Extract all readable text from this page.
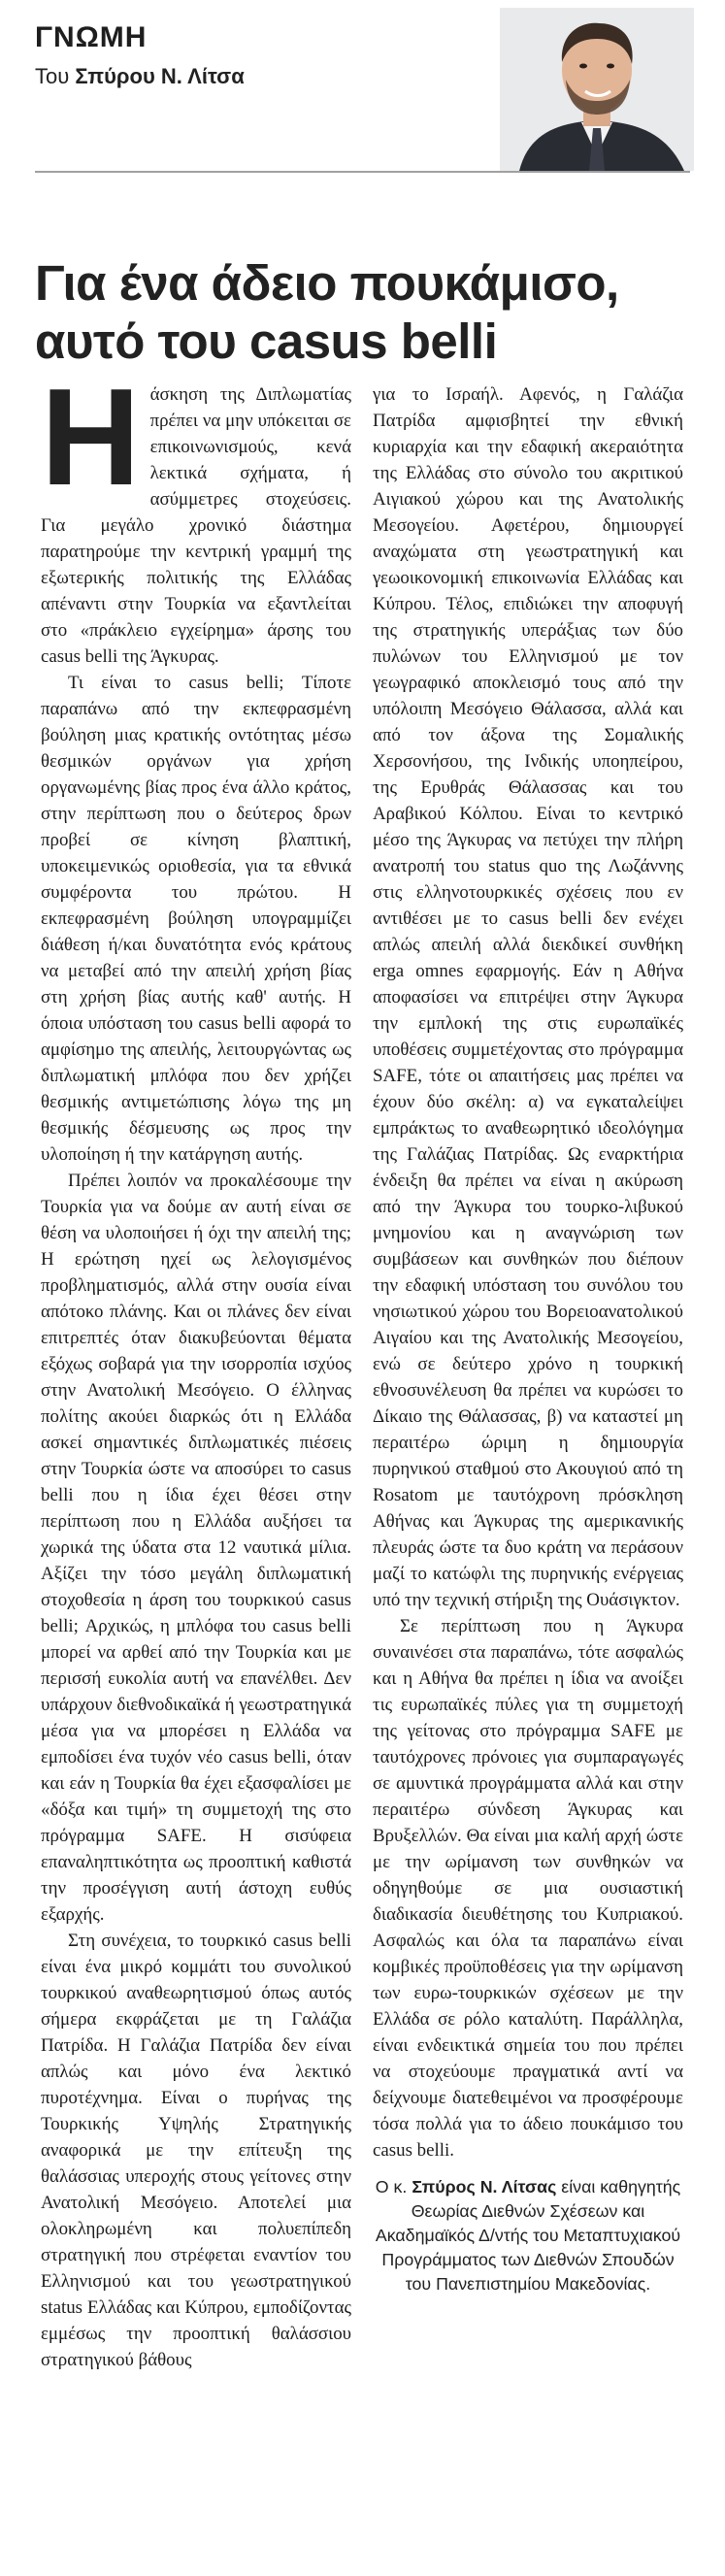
ΓΝΩΜΗ
Του Σπύρου Ν. Λίτσα
Για ένα άδειο πουκάμισο, αυτό του casus belli
Η άσκηση της Διπλωματίας πρέπει να μην υπόκειται σε επικοινωνισμούς, κενά λεκτικά σχήματα, ή ασύμμετρες στοχεύσεις. Για μεγάλο χρονικό διάστημα παρατηρούμε την κεντρική γραμμή της εξωτερικής πολιτικής της Ελλάδας απέναντι στην Τουρκία να εξαντλείται στο «πράκλειο εγχείρημα» άρσης του casus belli της Άγκυρας.

Τι είναι το casus belli; Τίποτε παραπάνω από την εκπεφρασμένη βούληση μιας κρατικής οντότητας μέσω θεσμικών οργάνων για χρήση οργανωμένης βίας προς ένα άλλο κράτος, στην περίπτωση που ο δεύτερος δρων προβεί σε κίνηση βλαπτική, υποκειμενικώς οριοθεσία, για τα εθνικά συμφέροντα του πρώτου. Η εκπεφρασμένη βούληση υπογραμμίζει διάθεση ή/και δυνατότητα ενός κράτους να μεταβεί από την απειλή χρήση βίας στη χρήση βίας αυτής καθ' αυτής. Η όποια υπόσταση του casus belli αφορά το αμφίσημο της απειλής, λειτουργώντας ως διπλωματική μπλόφα που δεν χρήζει θεσμικής αντιμετώπισης λόγω της μη θεσμικής δέσμευσης ως προς την υλοποίηση ή την κατάργηση αυτής.

Πρέπει λοιπόν να προκαλέσουμε την Τουρκία για να δούμε αν αυτή είναι σε θέση να υλοποιήσει ή όχι την απειλή της; Η ερώτηση ηχεί ως λελογισμένος προβληματισμός, αλλά στην ουσία είναι απότοκο πλάνης. Και οι πλάνες δεν είναι επιτρεπτές όταν διακυβεύονται θέματα εξόχως σοβαρά για την ισορροπία ισχύος στην Ανατολική Μεσόγειο. Ο έλληνας πολίτης ακούει διαρκώς ότι η Ελλάδα ασκεί σημαντικές διπλωματικές πιέσεις στην Τουρκία ώστε να αποσύρει το casus belli που η ίδια έχει θέσει στην περίπτωση που η Ελλάδα αυξήσει τα χωρικά της ύδατα στα 12 ναυτικά μίλια. Αξίζει την τόσο μεγάλη διπλωματική στοχοθεσία η άρση του τουρκικού casus belli; Αρχικώς, η μπλόφα του casus belli μπορεί να αρθεί από την Τουρκία και με περισσή ευκολία αυτή να επανέλθει. Δεν υπάρχουν διεθνοδικαϊκά ή γεωστρατηγικά μέσα για να μπορέσει η Ελλάδα να εμποδίσει ένα τυχόν νέο casus belli, όταν και εάν η Τουρκία θα έχει εξασφαλίσει με «δόξα και τιμή» τη συμμετοχή της στο πρόγραμμα SAFE. Η σισύφεια επαναληπτικότητα ως προοπτική καθιστά την προσέγγιση αυτή άστοχη ευθύς εξαρχής.

Στη συνέχεια, το τουρκικό casus belli είναι ένα μικρό κομμάτι του συνολικού τουρκικού αναθεωρητισμού όπως αυτός σήμερα εκφράζεται με τη Γαλάζια Πατρίδα. Η Γαλάζια Πατρίδα δεν είναι απλώς και μόνο ένα λεκτικό πυροτέχνημα. Είναι ο πυρήνας της Τουρκικής Υψηλής Στρατηγικής αναφορικά με την επίτευξη της θαλάσσιας υπεροχής στους γείτονες στην Ανατολική Μεσόγειο. Αποτελεί μια ολοκληρωμένη και πολυεπίπεδη στρατηγική που στρέφεται εναντίον του Ελληνισμού και του γεωστρατηγικού status Ελλάδας και Κύπρου, εμποδίζοντας εμμέσως την προοπτική θαλάσσιου στρατηγικού βάθους

για το Ισραήλ. Αφενός, η Γαλάζια Πατρίδα αμφισβητεί την εθνική κυριαρχία και την εδαφική ακεραιότητα της Ελλάδας στο σύνολο του ακριτικού Αιγιακού χώρου και της Ανατολικής Μεσογείου. Αφετέρου, δημιουργεί αναχώματα στη γεωστρατηγική και γεωοικονομική επικοινωνία Ελλάδας και Κύπρου. Τέλος, επιδιώκει την αποφυγή της στρατηγικής υπεράξιας των δύο πυλώνων του Ελληνισμού με τον γεωγραφικό αποκλεισμό τους από την υπόλοιπη Μεσόγειο Θάλασσα, αλλά και από τον άξονα της Σομαλικής Χερσονήσου, της Ινδικής υποηπείρου, της Ερυθράς Θάλασσας και του Αραβικού Κόλπου. Είναι το κεντρικό μέσο της Άγκυρας να πετύχει την πλήρη ανατροπή του status quo της Λωζάννης στις ελληνοτουρκικές σχέσεις που εν αντιθέσει με το casus belli δεν ενέχει απλώς απειλή αλλά διεκδικεί συνθήκη erga omnes εφαρμογής. Εάν η Αθήνα αποφασίσει να επιτρέψει στην Άγκυρα την εμπλοκή της στις ευρωπαϊκές υποθέσεις συμμετέχοντας στο πρόγραμμα SAFE, τότε οι απαιτήσεις μας πρέπει να έχουν δύο σκέλη: α) να εγκαταλείψει εμπράκτως το αναθεωρητικό ιδεολόγημα της Γαλάζιας Πατρίδας. Ως εναρκτήρια ένδειξη θα πρέπει να είναι η ακύρωση από την Άγκυρα του τουρκο-λιβυκού μνημονίου και η αναγνώριση των συμβάσεων και συνθηκών που διέπουν την εδαφική υπόσταση του συνόλου του νησιωτικού χώρου του Βορειοανατολικού Αιγαίου και της Ανατολικής Μεσογείου, ενώ σε δεύτερο χρόνο η τουρκική εθνοσυνέλευση θα πρέπει να κυρώσει το Δίκαιο της Θάλασσας, β) να καταστεί μη περαιτέρω ώριμη η δημιουργία πυρηνικού σταθμού στο Ακουγιού από τη Rosatom με ταυτόχρονη πρόσκληση Αθήνας και Άγκυρας της αμερικανικής πλευράς ώστε τα δυο κράτη να περάσουν μαζί το κατώφλι της πυρηνικής ενέργειας υπό την τεχνική στήριξη της Ουάσιγκτον.

Σε περίπτωση που η Άγκυρα συναινέσει στα παραπάνω, τότε ασφαλώς και η Αθήνα θα πρέπει η ίδια να ανοίξει τις ευρωπαϊκές πύλες για τη συμμετοχή της γείτονας στο πρόγραμμα SAFE με ταυτόχρονες πρόνοιες για συμπαραγωγές σε αμυντικά προγράμματα αλλά και στην περαιτέρω σύνδεση Άγκυρας και Βρυξελλών. Θα είναι μια καλή αρχή ώστε με την ωρίμανση των συνθηκών να οδηγηθούμε σε μια ουσιαστική διαδικασία διευθέτησης του Κυπριακού. Ασφαλώς και όλα τα παραπάνω είναι κομβικές προϋποθέσεις για την ωρίμανση των ευρω-τουρκικών σχέσεων με την Ελλάδα σε ρόλο καταλύτη. Παράλληλα, είναι ενδεικτικά σημεία του που πρέπει να στοχεύουμε πραγματικά αντί να δείχνουμε διατεθειμένοι να προσφέρουμε τόσα πολλά για το άδειο πουκάμισο του casus belli.

Ο κ. Σπύρος Ν. Λίτσας είναι καθηγητής Θεωρίας Διεθνών Σχέσεων και Ακαδημαϊκός Δ/ντής του Μεταπτυχιακού Προγράμματος των Διεθνών Σπουδών του Πανεπιστημίου Μακεδονίας.
